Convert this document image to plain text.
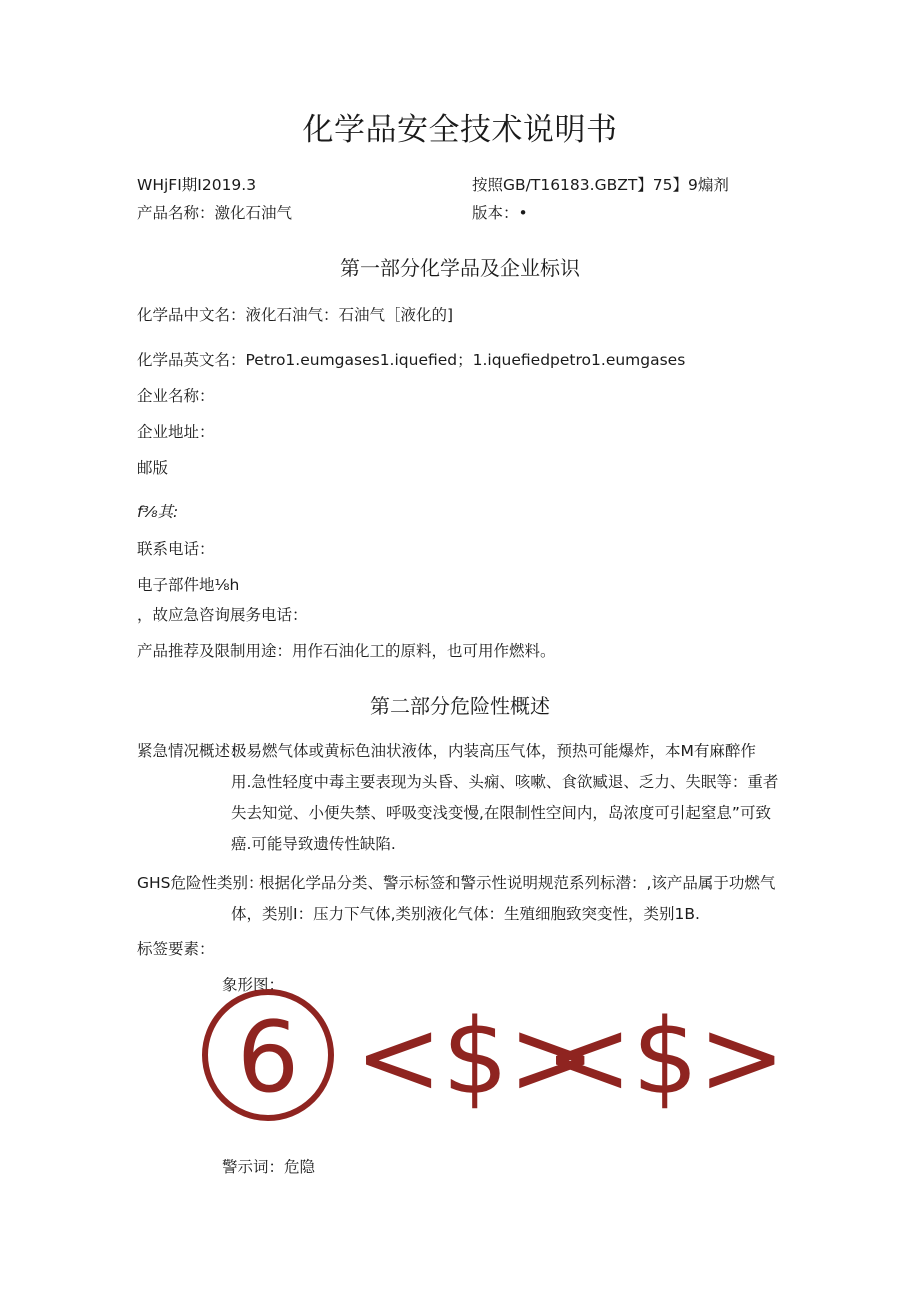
化学品安全技术说明书
WHjFI期I2019.3	按照GB/T16183.GBZT】75】9煽剂
产品名称：激化石油气	版本：•
第一部分化学品及企业标识
化学品中文名：液化石油气：石油气［液化的]
化学品英文名：Petro1.eumgases1.iquefied；1.iquefiedpetro1.eumgases
企业名称：
企业地址：
邮版
f⅜其:
联系电话：
电子部件地⅛h
，故应急咨询展务电话：
产品推荐及限制用途：用作石油化工的原料，也可用作燃料。
第二部分危险性概述
紧急情况概述：
极易燃气体或黄标色油状液体，内装高压气体，预热可能爆炸，本M有麻醉作
用.急性轻度中毒主要表现为头昏、头痫、咳嗽、食欲臧退、乏力、失眠等：重者
失去知觉、小便失禁、呼吸变浅变慢,在限制性空间内，岛浓度可引起窒息”可致
癌.可能导致遗传性缺陷.
GHS危险性类别：
根据化学品分类、警示标签和警示性说明规范系列标潜：,该产品属于功燃气
体，类别I：压力下气体,类别液化气体：生殖细胞致突变性，类别1B.
标签要素：
象形图：
6 <$>
<$>
警示词：危隐
